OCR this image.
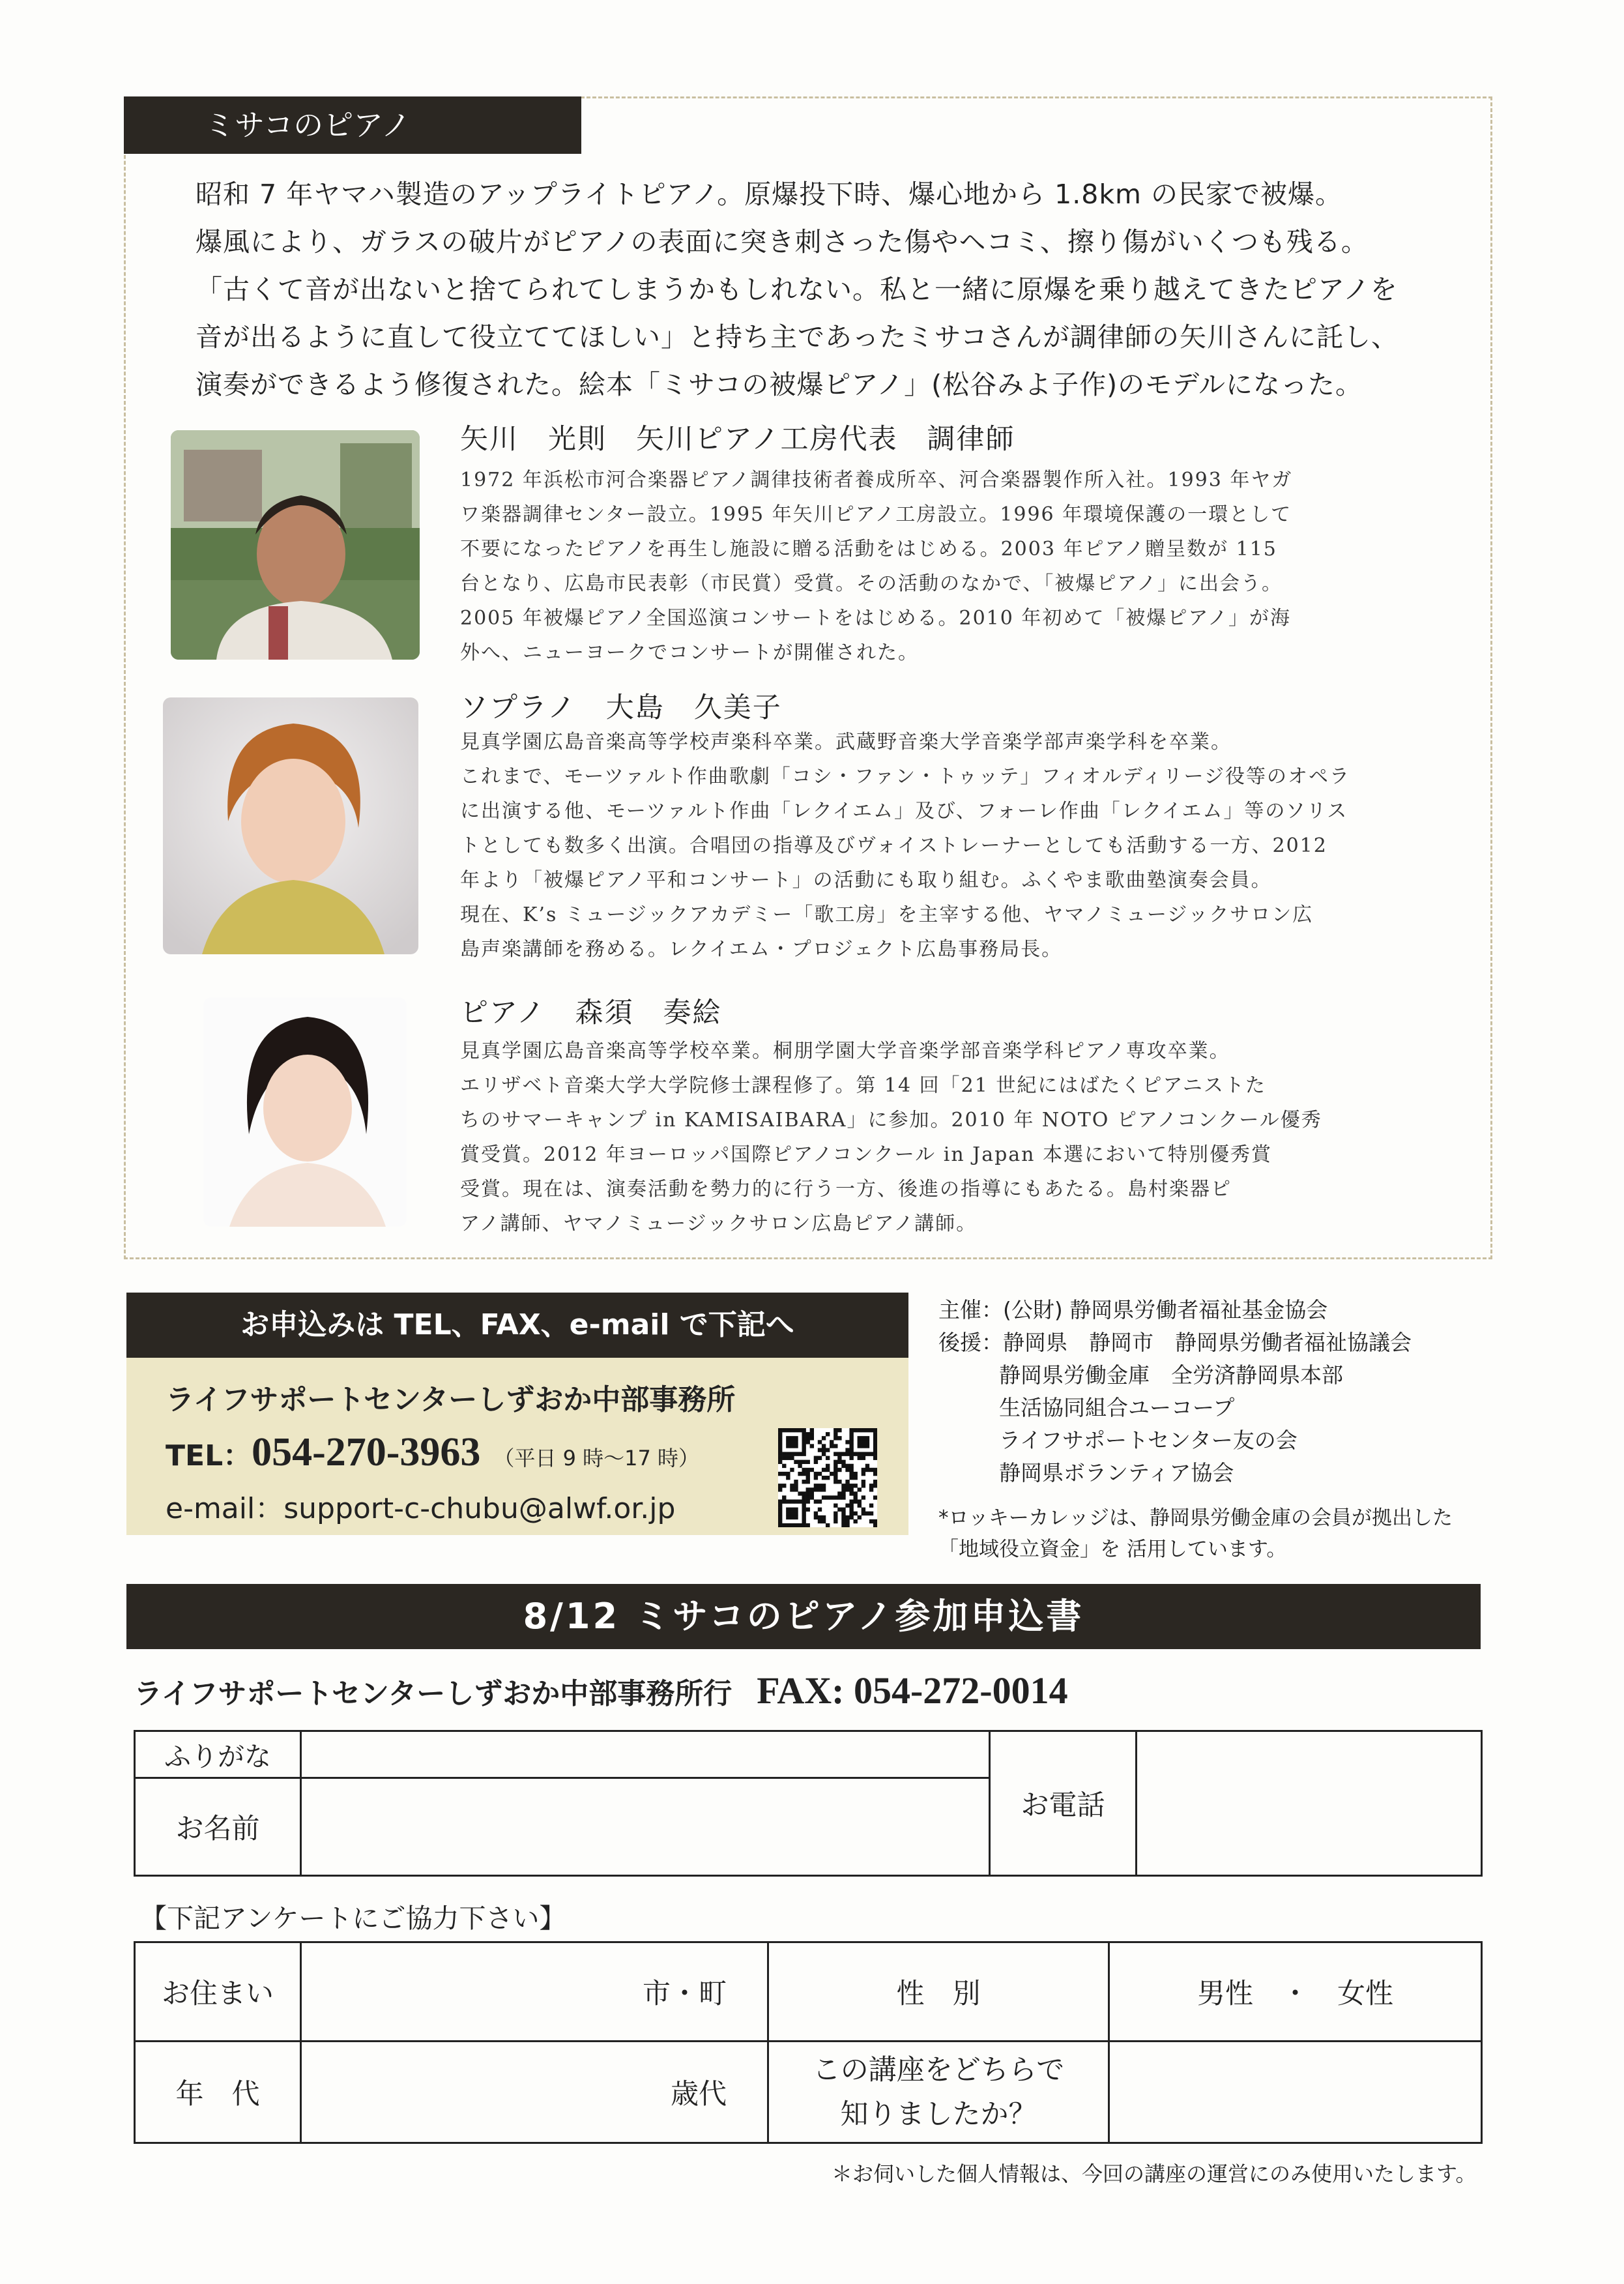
ミサコのピアノ

昭和 7 年ヤマハ製造のアップライトピアノ。原爆投下時、爆心地から 1.8km の民家で被爆。

爆風により、ガラスの破片がピアノの表面に突き刺さった傷やヘコミ、擦り傷がいくつも残る。

「古くて音が出ないと捨てられてしまうかもしれない。私と一緒に原爆を乗り越えてきたピアノを

音が出るように直して役立ててほしい」と持ち主であったミサコさんが調律師の矢川さんに託し、

演奏ができるよう修復された。絵本「ミサコの被爆ピアノ」(松谷みよ子作)のモデルになった。

矢川　光則　矢川ピアノ工房代表　調律師
1972 年浜松市河合楽器ピアノ調律技術者養成所卒、河合楽器製作所入社。1993 年ヤガ
ワ楽器調律センター設立。1995 年矢川ピアノ工房設立。1996 年環境保護の一環として
不要になったピアノを再生し施設に贈る活動をはじめる。2003 年ピアノ贈呈数が 115
台となり、広島市民表彰（市民賞）受賞。その活動のなかで、「被爆ピアノ」に出会う。
2005 年被爆ピアノ全国巡演コンサートをはじめる。2010 年初めて「被爆ピアノ」が海
外へ、ニューヨークでコンサートが開催された。
ソプラノ　大島　久美子
見真学園広島音楽高等学校声楽科卒業。武蔵野音楽大学音楽学部声楽学科を卒業。
これまで、モーツァルト作曲歌劇「コシ・ファン・トゥッテ」フィオルディリージ役等のオペラ
に出演する他、モーツァルト作曲「レクイエム」及び、フォーレ作曲「レクイエム」等のソリス
トとしても数多く出演。合唱団の指導及びヴォイストレーナーとしても活動する一方、2012
年より「被爆ピアノ平和コンサート」の活動にも取り組む。ふくやま歌曲塾演奏会員。
現在、K’s ミュージックアカデミー「歌工房」を主宰する他、ヤマノミュージックサロン広
島声楽講師を務める。レクイエム・プロジェクト広島事務局長。
ピアノ　森須　奏絵
見真学園広島音楽高等学校卒業。桐朋学園大学音楽学部音楽学科ピアノ専攻卒業。
エリザベト音楽大学大学院修士課程修了。第 14 回「21 世紀にはばたくピアニストた
ちのサマーキャンプ in KAMISAIBARA」に参加。2010 年 NOTO ピアノコンクール優秀
賞受賞。2012 年ヨーロッパ国際ピアノコンクール in Japan 本選において特別優秀賞
受賞。現在は、演奏活動を勢力的に行う一方、後進の指導にもあたる。島村楽器ピ
アノ講師、ヤマノミュージックサロン広島ピアノ講師。
お申込みは TEL、FAX、e-mail で下記へ
ライフサポートセンターしずおか中部事務所
TEL：054-270-3963 （平日 9 時～17 時）
e-mail：support-c-chubu@alwf.or.jp
主催：(公財) 静岡県労働者福祉基金協会
後援：静岡県　静岡市　静岡県労働者福祉協議会
静岡県労働金庫　全労済静岡県本部
生活協同組合ユーコープ
ライフサポートセンター友の会
静岡県ボランティア協会
*ロッキーカレッジは、静岡県労働金庫の会員が拠出した
「地域役立資金」を 活用しています。
8/12 ミサコのピアノ参加申込書
ライフサポートセンターしずおか中部事務所行 FAX: 054-272-0014
ふりがな		お電話	
お名前			
【下記アンケートにご協力下さい】
お住まい	市・町	性　別	男性　・　女性
年　代	歳代	この講座をどちらで
知りましたか？	

＊お伺いした個人情報は、今回の講座の運営にのみ使用いたします。
